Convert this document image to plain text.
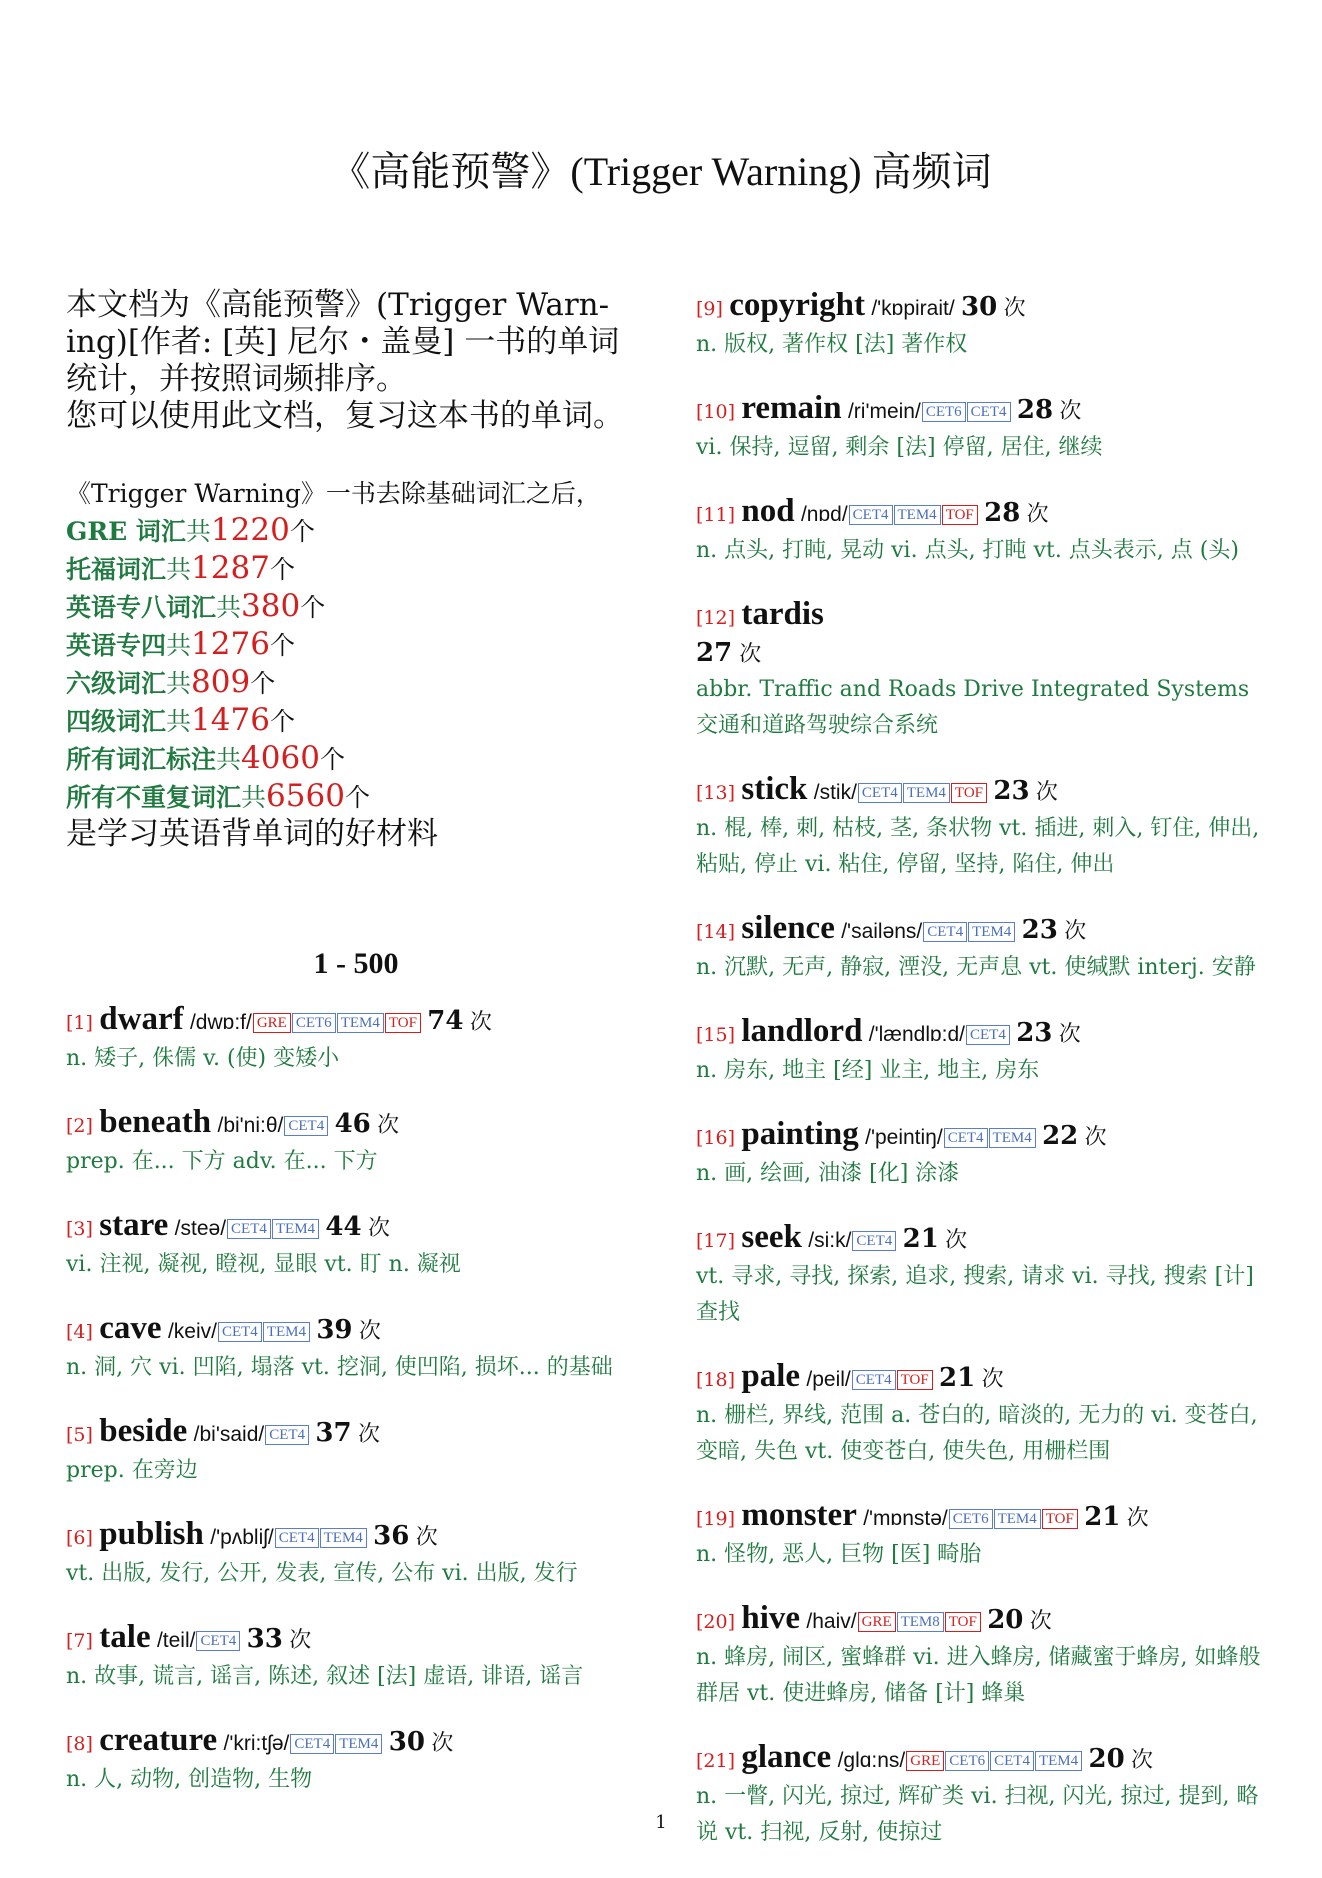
《高能预警》(Trigger Warning) 高频词

本文档为《高能预警》(Trigger Warn-ing)[作者: [英] 尼尔・盖曼] 一书的单词统计，并按照词频排序。

您可以使用此文档，复习这本书的单词。

《Trigger Warning》一书去除基础词汇之后，
GRE 词汇共1220个
托福词汇共1287个
英语专八词汇共380个
英语专四共1276个
六级词汇共809个
四级词汇共1476个
所有词汇标注共4060个
所有不重复词汇共6560个
是学习英语背单词的好材料
1 - 500
[1] dwarf /dwɒ:f/ GRE CET6 TEM4 TOF 74 次
n. 矮子, 侏儒 v. (使) 变矮小
[2] beneath /bi'ni:θ/ CET4 46 次
prep. 在... 下方 adv. 在... 下方
[3] stare /steə/ CET4 TEM4 44 次
vi. 注视, 凝视, 瞪视, 显眼 vt. 盯 n. 凝视
[4] cave /keiv/ CET4 TEM4 39 次
n. 洞, 穴 vi. 凹陷, 塌落 vt. 挖洞, 使凹陷, 损坏... 的基础
[5] beside /bi'said/ CET4 37 次
prep. 在旁边
[6] publish /'pʌbliʃ/ CET4 TEM4 36 次
vt. 出版, 发行, 公开, 发表, 宣传, 公布 vi. 出版, 发行
[7] tale /teil/ CET4 33 次
n. 故事, 谎言, 谣言, 陈述, 叙述 [法] 虚语, 诽语, 谣言
[8] creature /'kri:tʃə/ CET4 TEM4 30 次
n. 人, 动物, 创造物, 生物
[9] copyright /'kɒpirait/ 30 次
n. 版权, 著作权 [法] 著作权
[10] remain /ri'mein/ CET6 CET4 28 次
vi. 保持, 逗留, 剩余 [法] 停留, 居住, 继续
[11] nod /nɒd/ CET4 TEM4 TOF 28 次
n. 点头, 打盹, 晃动 vi. 点头, 打盹 vt. 点头表示, 点 (头)
[12] tardis
27 次
abbr. Traffic and Roads Drive Integrated Systems 交通和道路驾驶综合系统
[13] stick /stik/ CET4 TEM4 TOF 23 次
n. 棍, 棒, 刺, 枯枝, 茎, 条状物 vt. 插进, 刺入, 钉住, 伸出, 粘贴, 停止 vi. 粘住, 停留, 坚持, 陷住, 伸出
[14] silence /'sailəns/ CET4 TEM4 23 次
n. 沉默, 无声, 静寂, 湮没, 无声息 vt. 使缄默 interj. 安静
[15] landlord /'lændlɒ:d/ CET4 23 次
n. 房东, 地主 [经] 业主, 地主, 房东
[16] painting /'peintiŋ/ CET4 TEM4 22 次
n. 画, 绘画, 油漆 [化] 涂漆
[17] seek /si:k/ CET4 21 次
vt. 寻求, 寻找, 探索, 追求, 搜索, 请求 vi. 寻找, 搜索 [计] 查找
[18] pale /peil/ CET4 TOF 21 次
n. 栅栏, 界线, 范围 a. 苍白的, 暗淡的, 无力的 vi. 变苍白, 变暗, 失色 vt. 使变苍白, 使失色, 用栅栏围
[19] monster /'mɒnstə/ CET6 TEM4 TOF 21 次
n. 怪物, 恶人, 巨物 [医] 畸胎
[20] hive /haiv/ GRE TEM8 TOF 20 次
n. 蜂房, 闹区, 蜜蜂群 vi. 进入蜂房, 储藏蜜于蜂房, 如蜂般群居 vt. 使进蜂房, 储备 [计] 蜂巢
[21] glance /glɑ:ns/ GRE CET6 CET4 TEM4 20 次
n. 一瞥, 闪光, 掠过, 辉矿类 vi. 扫视, 闪光, 掠过, 提到, 略说 vt. 扫视, 反射, 使掠过
1
